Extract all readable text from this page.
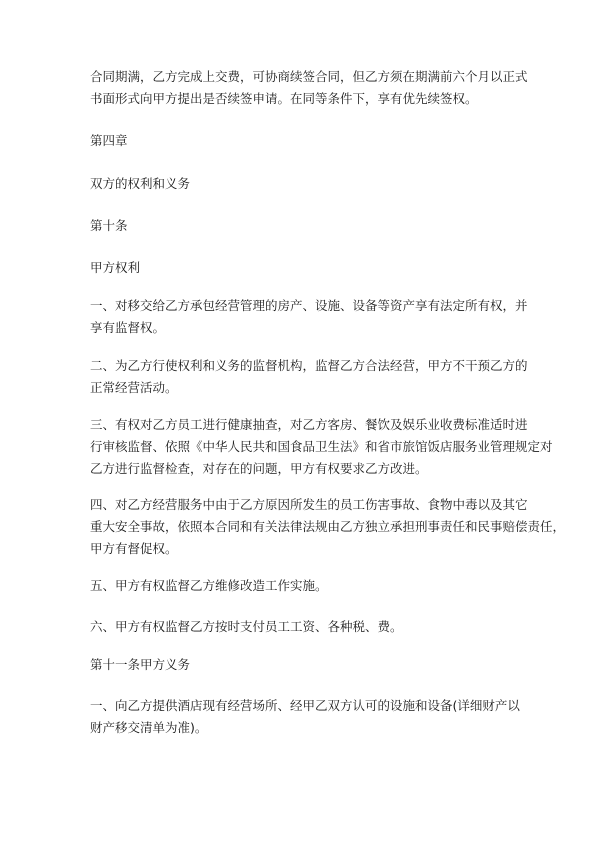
合同期满，乙方完成上交费，可协商续签合同，但乙方须在期满前六个月以正式
书面形式向甲方提出是否续签申请。在同等条件下，享有优先续签权。
第四章
双方的权利和义务
第十条
甲方权利
一、对移交给乙方承包经营管理的房产、设施、设备等资产享有法定所有权，并
享有监督权。
二、为乙方行使权利和义务的监督机构，监督乙方合法经营，甲方不干预乙方的
正常经营活动。
三、有权对乙方员工进行健康抽查，对乙方客房、餐饮及娱乐业收费标准适时进
行审核监督、依照《中华人民共和国食品卫生法》和省市旅馆饭店服务业管理规定对
乙方进行监督检查，对存在的问题，甲方有权要求乙方改进。
四、对乙方经营服务中由于乙方原因所发生的员工伤害事故、食物中毒以及其它
重大安全事故，依照本合同和有关法律法规由乙方独立承担刑事责任和民事赔偿责任，
甲方有督促权。
五、甲方有权监督乙方维修改造工作实施。
六、甲方有权监督乙方按时支付员工工资、各种税、费。
第十一条甲方义务
一、向乙方提供酒店现有经营场所、经甲乙双方认可的设施和设备(详细财产以
财产移交清单为准)。
